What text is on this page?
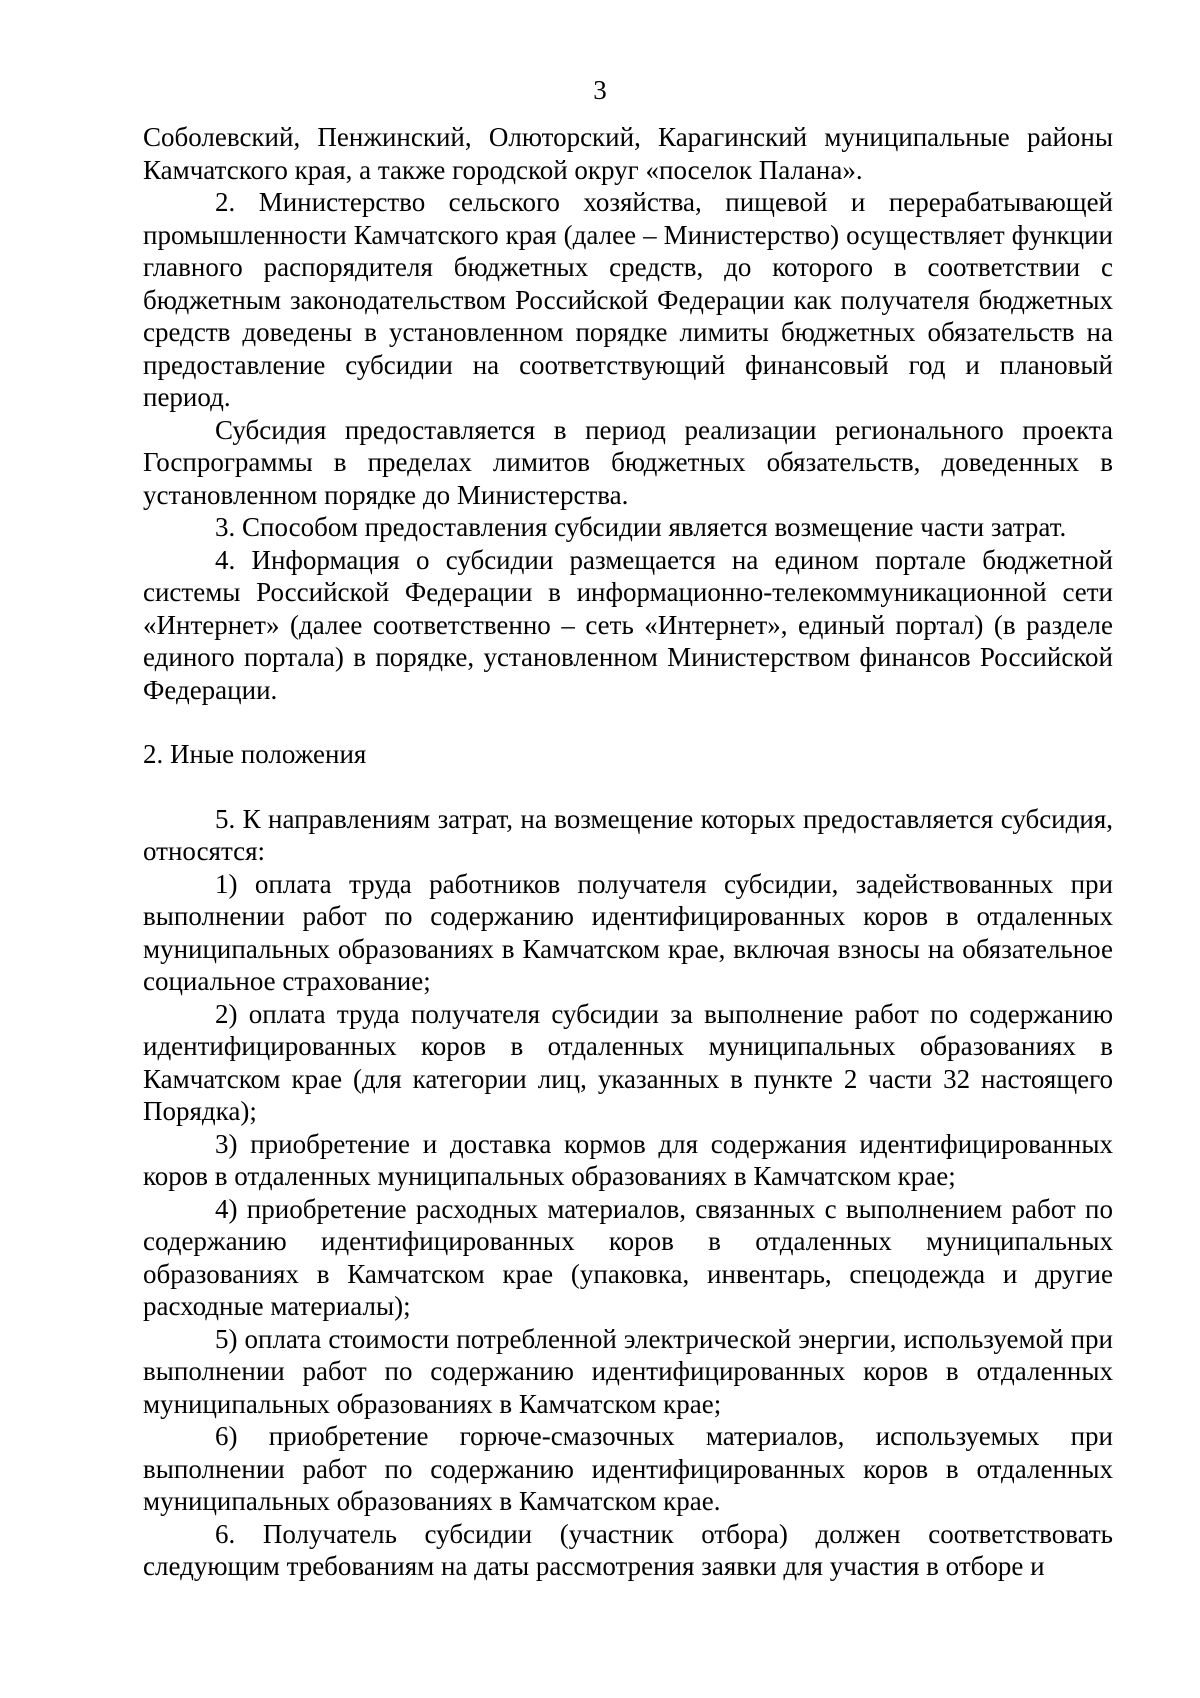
3

Соболевский, Пенжинский, Олюторский, Карагинский муниципальные районы Камчатского края, а также городской округ «поселок Палана».

2. Министерство сельского хозяйства, пищевой и перерабатывающей промышленности Камчатского края (далее – Министерство) осуществляет функции главного распорядителя бюджетных средств, до которого в соответствии с бюджетным законодательством Российской Федерации как получателя бюджетных средств доведены в установленном порядке лимиты бюджетных обязательств на предоставление субсидии на соответствующий финансовый год и плановый период.

Субсидия предоставляется в период реализации регионального проекта Госпрограммы в пределах лимитов бюджетных обязательств, доведенных в установленном порядке до Министерства.

3. Способом предоставления субсидии является возмещение части затрат.

4. Информация о субсидии размещается на едином портале бюджетной системы Российской Федерации в информационно-телекоммуникационной сети «Интернет» (далее соответственно – сеть «Интернет», единый портал) (в разделе единого портала) в порядке, установленном Министерством финансов Российской Федерации.

2. Иные положения

5. К направлениям затрат, на возмещение которых предоставляется субсидия, относятся:

1) оплата труда работников получателя субсидии, задействованных при выполнении работ по содержанию идентифицированных коров в отдаленных муниципальных образованиях в Камчатском крае, включая взносы на обязательное социальное страхование;

2) оплата труда получателя субсидии за выполнение работ по содержанию идентифицированных коров в отдаленных муниципальных образованиях в Камчатском крае (для категории лиц, указанных в пункте 2 части 32 настоящего Порядка);

3) приобретение и доставка кормов для содержания идентифицированных коров в отдаленных муниципальных образованиях в Камчатском крае;

4) приобретение расходных материалов, связанных с выполнением работ по содержанию идентифицированных коров в отдаленных муниципальных образованиях в Камчатском крае (упаковка, инвентарь, спецодежда и другие расходные материалы);

5) оплата стоимости потребленной электрической энергии, используемой при выполнении работ по содержанию идентифицированных коров в отдаленных муниципальных образованиях в Камчатском крае;

6) приобретение горюче-смазочных материалов, используемых при выполнении работ по содержанию идентифицированных коров в отдаленных муниципальных образованиях в Камчатском крае.

6. Получатель субсидии (участник отбора) должен соответствовать следующим требованиям на даты рассмотрения заявки для участия в отборе и
